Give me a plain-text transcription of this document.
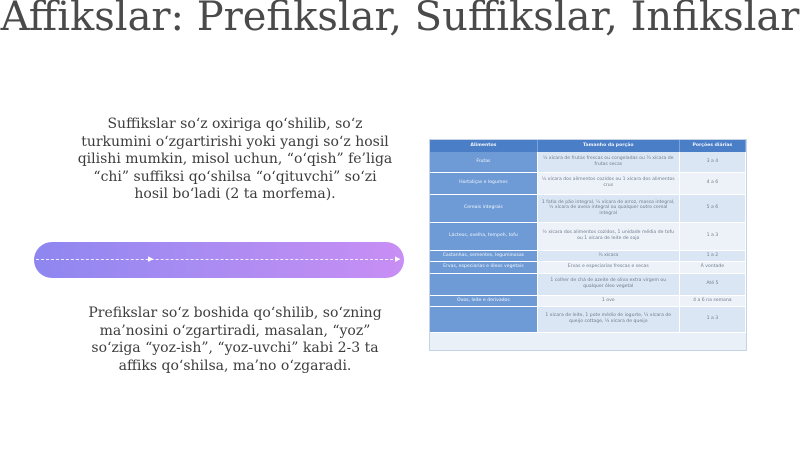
Affikslar: Prefikslar, Suffikslar, Infikslar
Suffikslar so‘z oxiriga qo‘shilib, so‘z turkumini o‘zgartirishi yoki yangi so‘z hosil qilishi mumkin, misol uchun, “o‘qish” fe’liga “chi” suffiksi qo‘shilsa “o‘qituvchi” so‘zi hosil bo‘ladi (2 ta morfema).
▸	▸
Prefikslar so‘z boshida qo‘shilib, so‘zning ma’nosini o‘zgartiradi, masalan, “yoz” so‘ziga “yoz-ish”, “yoz-uvchi” kabi 2-3 ta affiks qo‘shilsa, ma’no o‘zgaradi.
Alimentos	Tamanho da porção	Porções diárias
Frutas	½ xícara de frutas frescas ou congeladas ou ¼ xícara de frutas secas	3 a 4
Hortaliças e legumes	½ xícara dos alimentos cozidos ou 1 xícara dos alimentos crus	4 a 6
Cereais integrais	1 fatia de pão integral, ½ xícara de arroz, massa integral, ½ xícara de aveia integral ou qualquer outro cereal integral	5 a 6
Lácteos, ovelha, tempeh, tofu	½ xícara dos alimentos cozidos, 1 unidade média de tofu ou 1 xícara de leite de soja	1 a 3
Castanhas, sementes, leguminosas	¼ xícara	1 a 2
Ervas, especiarias e óleos vegetais	Ervas e especiarias frescas e secas	À vontade
	1 colher de chá de azeite de oliva extra virgem ou qualquer óleo vegetal	Até 5
Ovos, leite e derivados	1 ovo	4 a 6 na semana
	1 xícara de leite, 1 pote médio de iogurte, ¼ xícara de queijo cottage, ¼ xícara de queijo	1 a 3
